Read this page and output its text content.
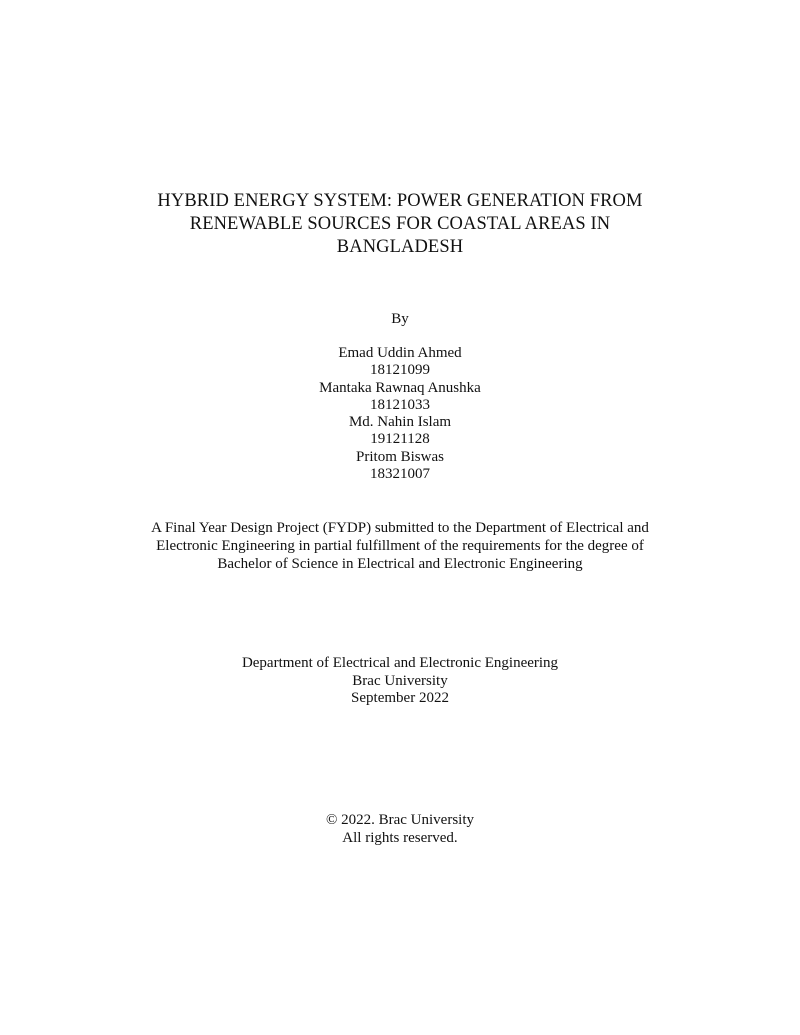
HYBRID ENERGY SYSTEM: POWER GENERATION FROM
RENEWABLE SOURCES FOR COASTAL AREAS IN
BANGLADESH
By
Emad Uddin Ahmed
18121099
Mantaka Rawnaq Anushka
18121033
Md. Nahin Islam
19121128
Pritom Biswas
18321007
A Final Year Design Project (FYDP) submitted to the Department of Electrical and
Electronic Engineering in partial fulfillment of the requirements for the degree of
Bachelor of Science in Electrical and Electronic Engineering
Department of Electrical and Electronic Engineering
Brac University
September 2022
© 2022. Brac University
All rights reserved.
